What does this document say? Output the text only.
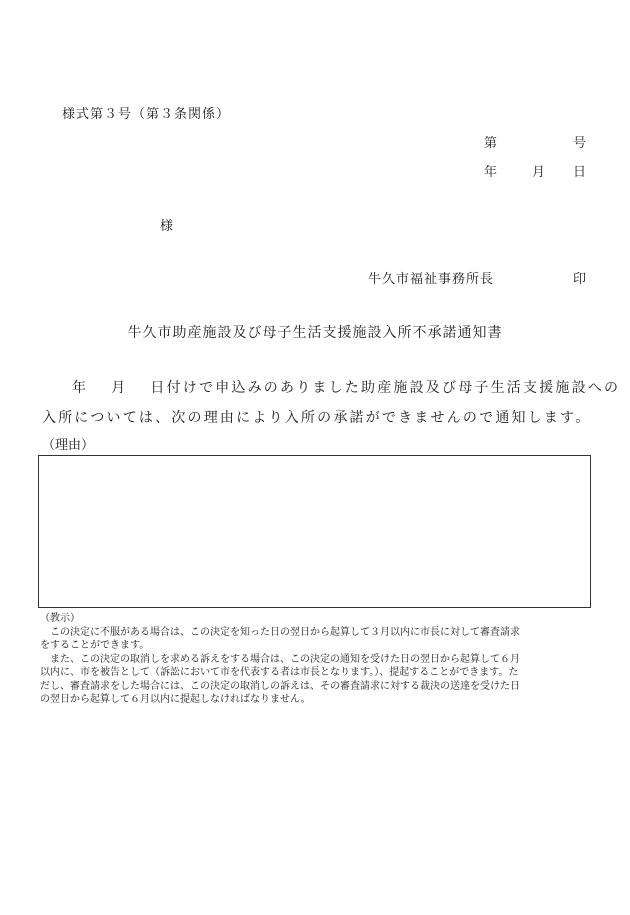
様式第３号（第３条関係）
第	号
年	月 日
様
牛久市福祉事務所長	印
牛久市助産施設及び母子生活支援施設入所不承諾通知書
年 月 日付けで申込みのありました助産施設及び母子生活支援施設への
入所については、次の理由により入所の承諾ができませんので通知します。
（理由）
（教示）
　この決定に不服がある場合は、この決定を知った日の翌日から起算して３月以内に市長に対して審査請求
をすることができます。
　また、この決定の取消しを求める訴えをする場合は、この決定の通知を受けた日の翌日から起算して６月
以内に、市を被告として（訴訟において市を代表する者は市長となります。）、提起することができます。た
だし、審査請求をした場合には、この決定の取消しの訴えは、その審査請求に対する裁決の送達を受けた日
の翌日から起算して６月以内に提起しなければなりません。
